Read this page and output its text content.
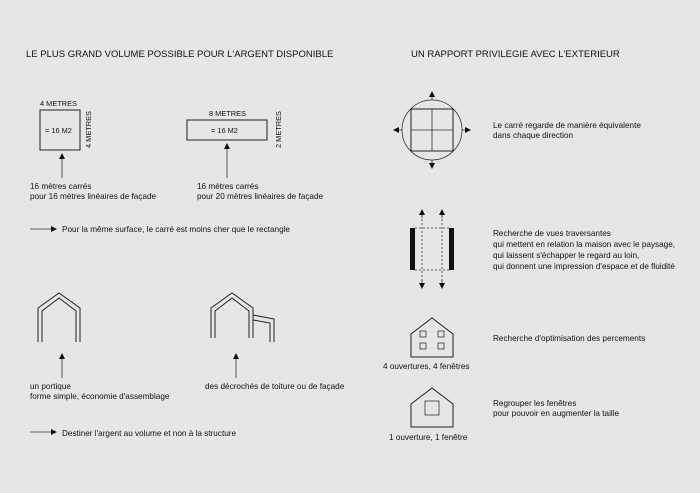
LE PLUS GRAND VOLUME POSSIBLE POUR L'ARGENT DISPONIBLE
4 METRES
= 16 M2 4 METRES
16 mètres carrés
pour 16 mètres linéaires de façade
8 METRES
= 16 M2	2 METRES
16 mètres carrés
pour 20 mètres linéaires de façade
Pour la même surface, le carré est moins cher que le rectangle
un portique
forme simple, économie d'assemblage
des décrochés de toiture ou de façade
Destiner l'argent au volume et non à la structure
UN RAPPORT PRIVILEGIE AVEC L'EXTERIEUR
Le carré regarde de manière équivalente
dans chaque direction
Recherche de vues traversantes
qui mettent en relation la maison avec le paysage,
qui laissent s'échapper le regard au loin,
qui donnent une impression d'espace et de fluidité
4 ouvertures, 4 fenêtres
Recherche d'optimisation des percements
1 ouverture, 1 fenêtre
Regrouper les fenêtres
pour pouvoir en augmenter la taille
